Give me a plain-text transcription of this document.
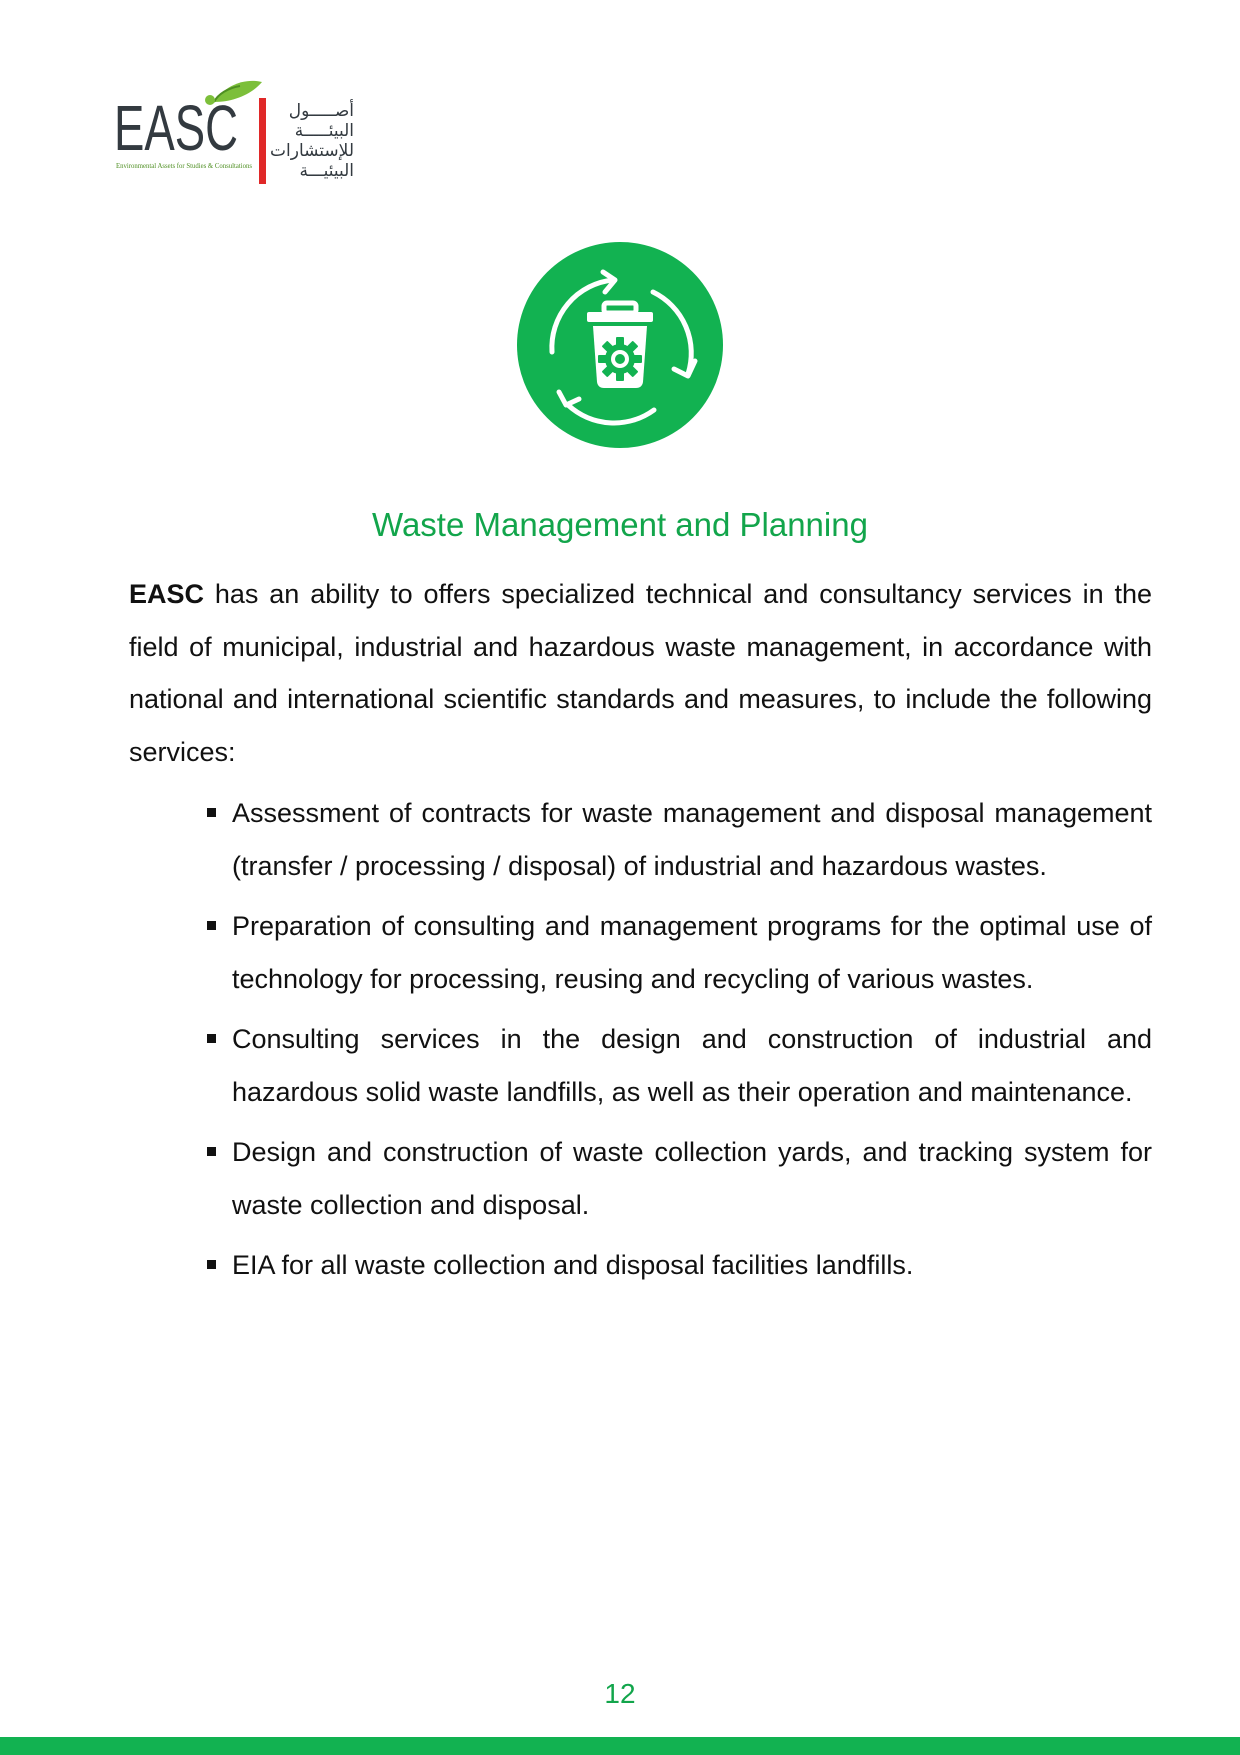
EASC
Environmental Assets for Studies & Consultations
أصـــــول
البيئـــــة
للإستشارات
البيئيـــة
Waste Management and Planning

EASC has an ability to offers specialized technical and consultancy services in the field of municipal, industrial and hazardous waste management, in accordance with national and international scientific standards and measures, to include the following services:

Assessment of contracts for waste management and disposal management (transfer / processing / disposal) of industrial and hazardous wastes.
Preparation of consulting and management programs for the optimal use of technology for processing, reusing and recycling of various wastes.
Consulting services in the design and construction of industrial and hazardous solid waste landfills, as well as their operation and maintenance.
Design and construction of waste collection yards, and tracking system for waste collection and disposal.
EIA for all waste collection and disposal facilities landfills.
12
